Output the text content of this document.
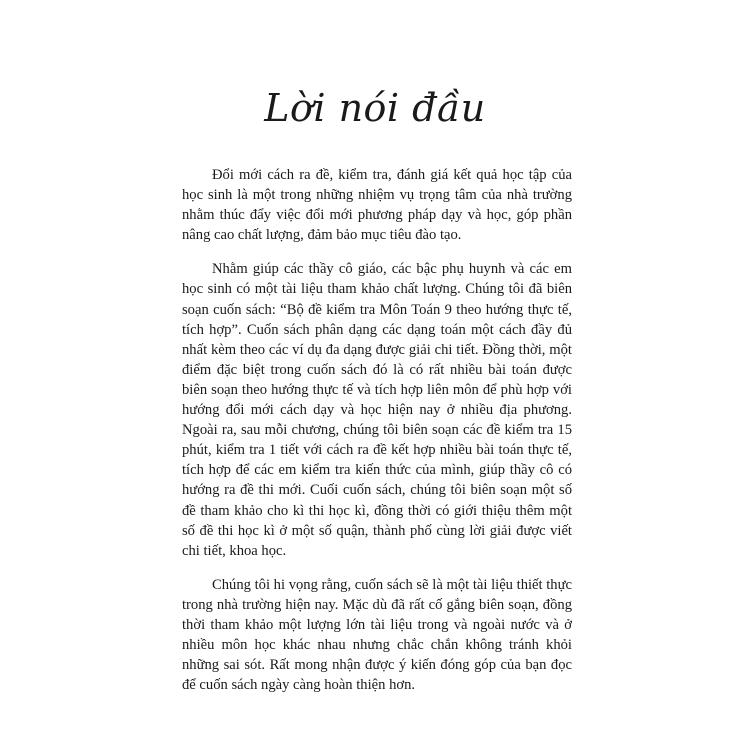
Lời nói đầu

Đổi mới cách ra đề, kiểm tra, đánh giá kết quả học tập của học sinh là một trong những nhiệm vụ trọng tâm của nhà trường nhằm thúc đẩy việc đổi mới phương pháp dạy và học, góp phần nâng cao chất lượng, đảm bảo mục tiêu đào tạo.

Nhằm giúp các thầy cô giáo, các bậc phụ huynh và các em học sinh có một tài liệu tham khảo chất lượng. Chúng tôi đã biên soạn cuốn sách: “Bộ đề kiểm tra Môn Toán 9 theo hướng thực tế, tích hợp”. Cuốn sách phân dạng các dạng toán một cách đầy đủ nhất kèm theo các ví dụ đa dạng được giải chi tiết. Đồng thời, một điểm đặc biệt trong cuốn sách đó là có rất nhiều bài toán được biên soạn theo hướng thực tế và tích hợp liên môn để phù hợp với hướng đổi mới cách dạy và học hiện nay ở nhiều địa phương. Ngoài ra, sau mỗi chương, chúng tôi biên soạn các đề kiểm tra 15 phút, kiểm tra 1 tiết với cách ra đề kết hợp nhiều bài toán thực tế, tích hợp để các em kiểm tra kiến thức của mình, giúp thầy cô có hướng ra đề thi mới. Cuối cuốn sách, chúng tôi biên soạn một số đề tham khảo cho kì thi học kì, đồng thời có giới thiệu thêm một số đề thi học kì ở một số quận, thành phố cùng lời giải được viết chi tiết, khoa học.

Chúng tôi hi vọng rằng, cuốn sách sẽ là một tài liệu thiết thực trong nhà trường hiện nay. Mặc dù đã rất cố gắng biên soạn, đồng thời tham khảo một lượng lớn tài liệu trong và ngoài nước và ở nhiều môn học khác nhau nhưng chắc chắn không tránh khỏi những sai sót. Rất mong nhận được ý kiến đóng góp của bạn đọc để cuốn sách ngày càng hoàn thiện hơn.
